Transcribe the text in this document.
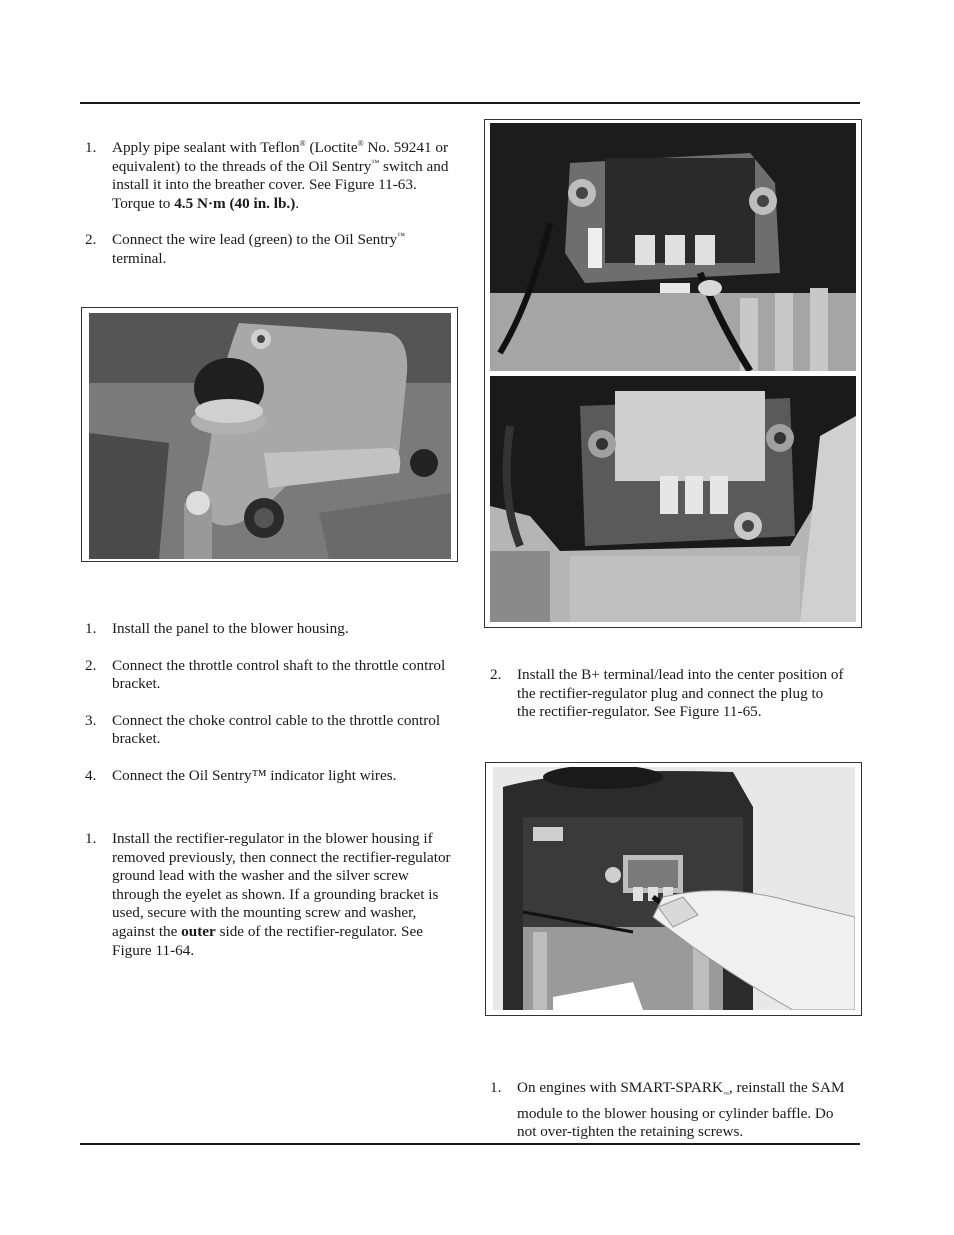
1. Apply pipe sealant with Teflon® (Loctite® No. 59241 or equivalent) to the threads of the Oil Sentry™ switch and install it into the breather cover. See Figure 11-63. Torque to 4.5 N·m (40 in. lb.).
2. Connect the wire lead (green) to the Oil Sentry™ terminal.
1. Install the panel to the blower housing.
2. Connect the throttle control shaft to the throttle control bracket.
3. Connect the choke control cable to the throttle control bracket.
4. Connect the Oil Sentry™ indicator light wires.
1. Install the rectifier-regulator in the blower housing if removed previously, then connect the rectifier-regulator ground lead with the washer and the silver screw through the eyelet as shown. If a grounding bracket is used, secure with the mounting screw and washer, against the outer side of the rectifier-regulator. See Figure 11-64.
2. Install the B+ terminal/lead into the center position of the rectifier-regulator plug and connect the plug to the rectifier-regulator. See Figure 11-65.
1. On engines with SMART-$SPARK_™$, reinstall the SAM module to the blower housing or cylinder baffle. Do not over-tighten the retaining screws.
